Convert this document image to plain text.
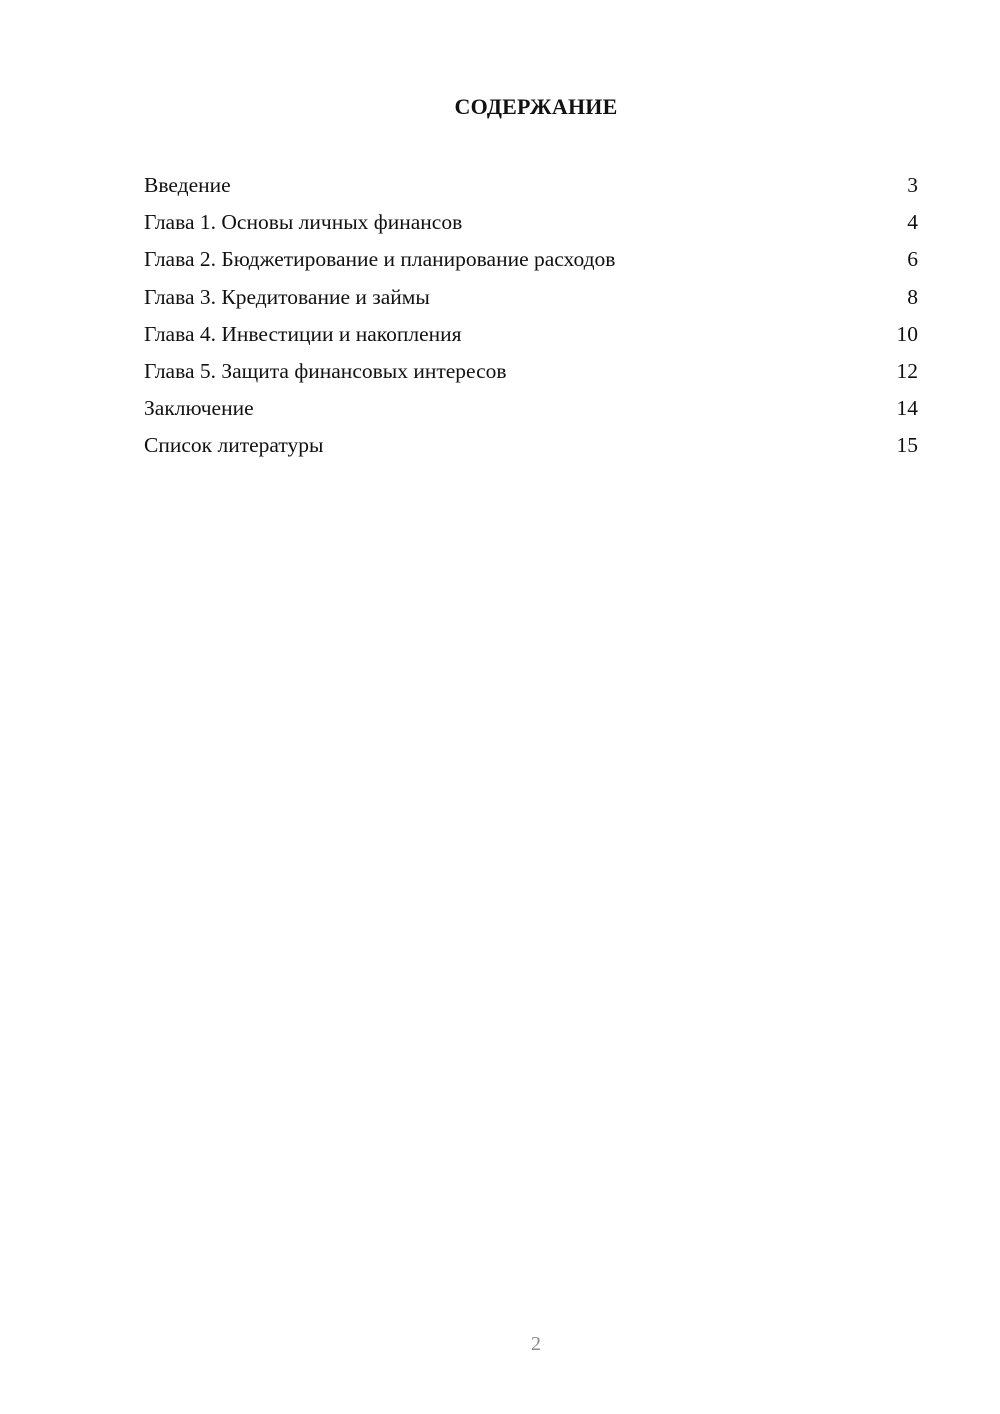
СОДЕРЖАНИЕ
Введение	3
Глава 1. Основы личных финансов	4
Глава 2. Бюджетирование и планирование расходов	6
Глава 3. Кредитование и займы	8
Глава 4. Инвестиции и накопления	10
Глава 5. Защита финансовых интересов	12
Заключение	14
Список литературы	15
2
